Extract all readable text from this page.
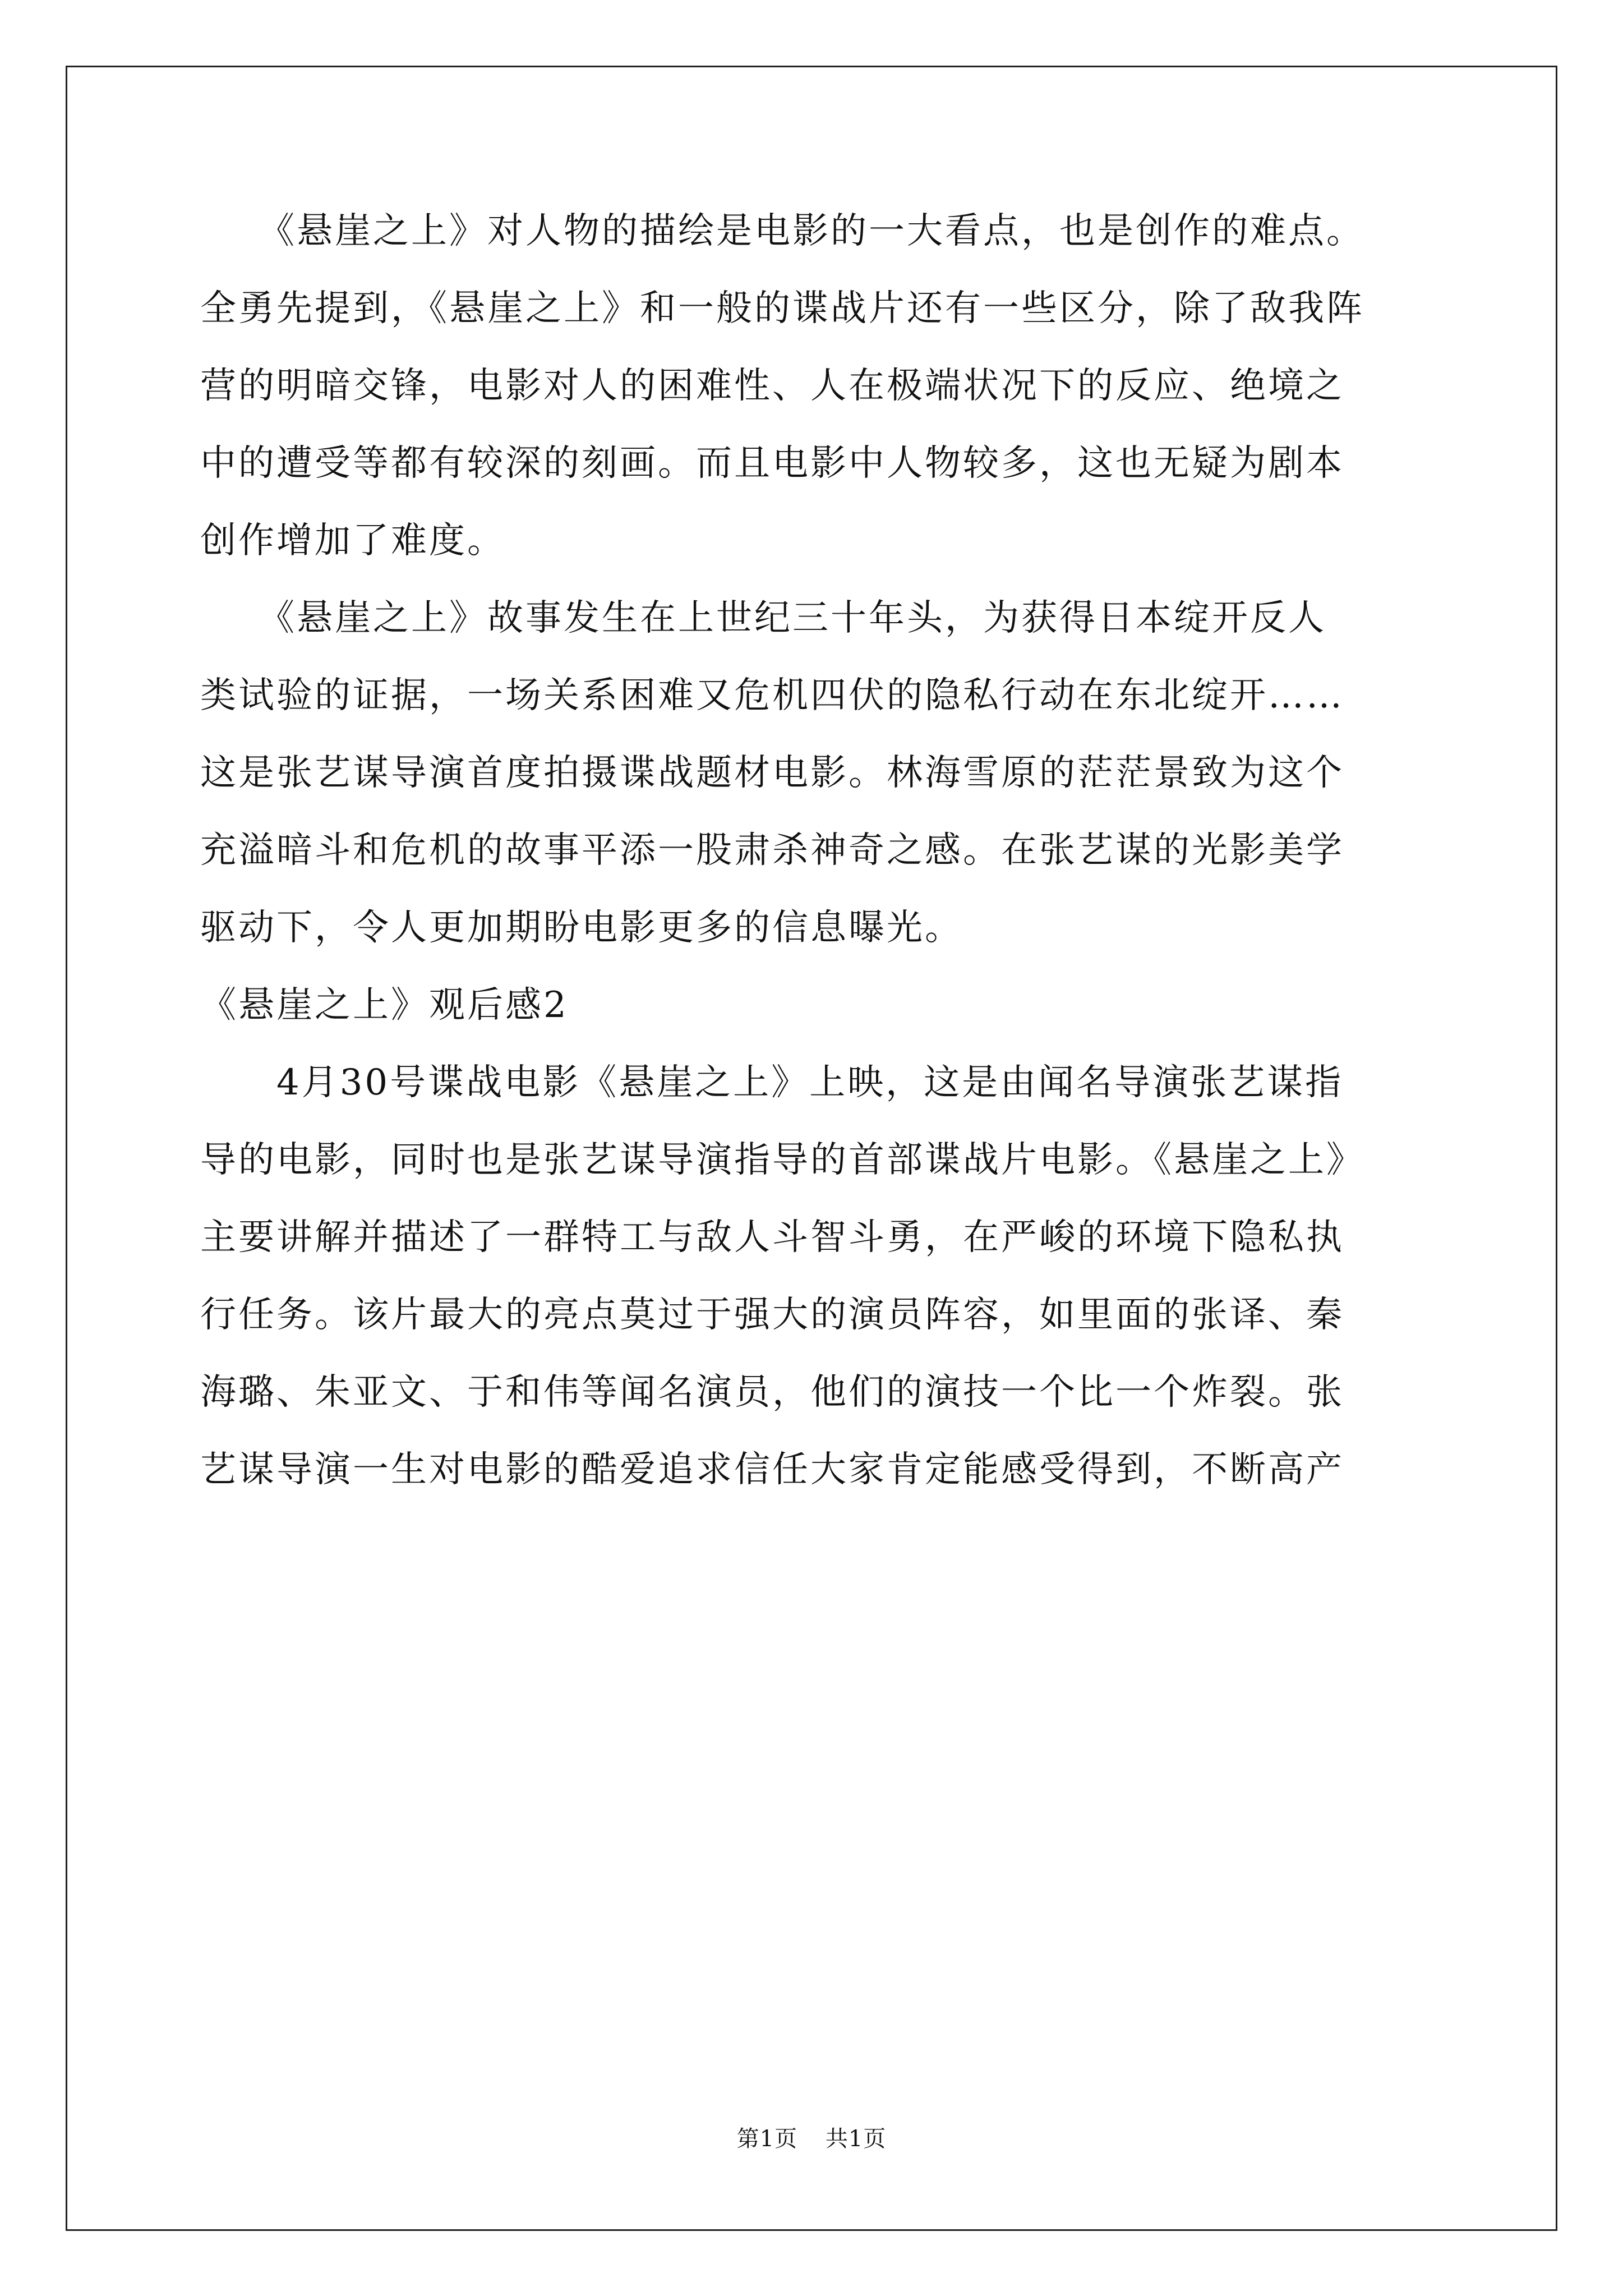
　　《悬崖之上》对人物的描绘是电影的一大看点，也是创作的难点。
全勇先提到，《悬崖之上》和一般的谍战片还有一些区分，除了敌我阵
营的明暗交锋，电影对人的困难性、人在极端状况下的反应、绝境之
中的遭受等都有较深的刻画。而且电影中人物较多，这也无疑为剧本
创作增加了难度。
　　《悬崖之上》故事发生在上世纪三十年头，为获得日本绽开反人
类试验的证据，一场关系困难又危机四伏的隐私行动在东北绽开……
这是张艺谋导演首度拍摄谍战题材电影。林海雪原的茫茫景致为这个
充溢暗斗和危机的故事平添一股肃杀神奇之感。在张艺谋的光影美学
驱动下，令人更加期盼电影更多的信息曝光。
《悬崖之上》观后感2
　　4月30号谍战电影《悬崖之上》上映，这是由闻名导演张艺谋指
导的电影，同时也是张艺谋导演指导的首部谍战片电影。《悬崖之上》
主要讲解并描述了一群特工与敌人斗智斗勇，在严峻的环境下隐私执
行任务。该片最大的亮点莫过于强大的演员阵容，如里面的张译、秦
海璐、朱亚文、于和伟等闻名演员，他们的演技一个比一个炸裂。张
艺谋导演一生对电影的酷爱追求信任大家肯定能感受得到，不断高产
第1页 共1页
